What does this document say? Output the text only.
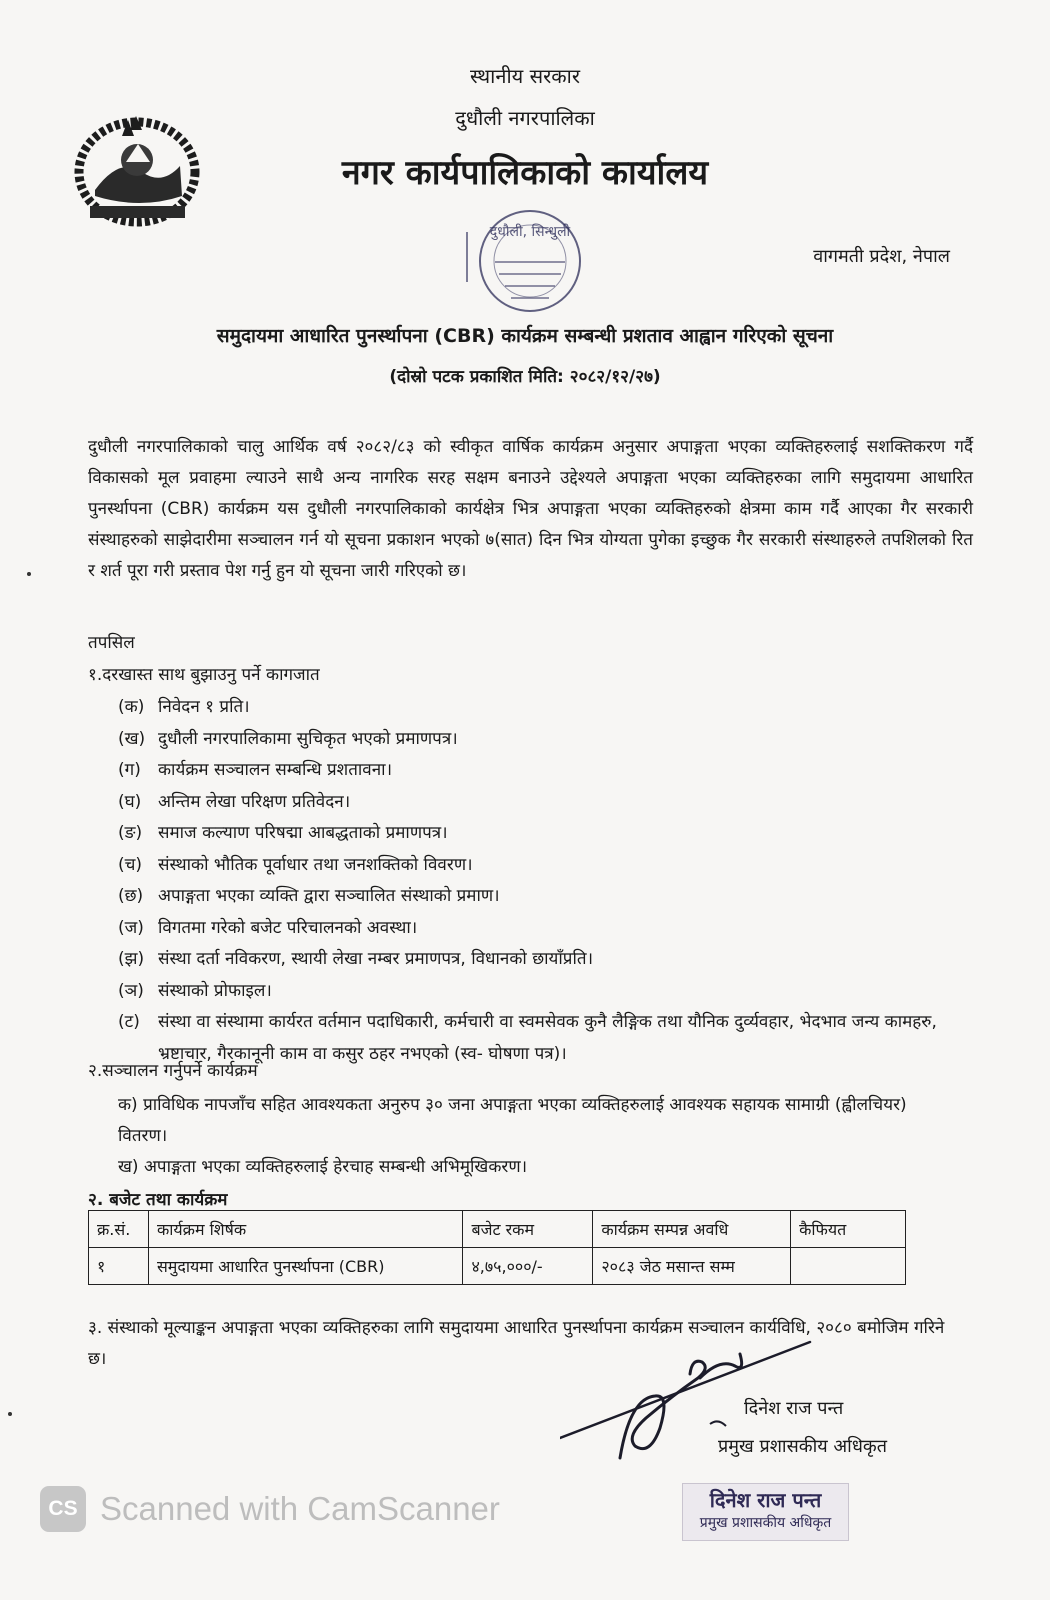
स्थानीय सरकार
दुधौली नगरपालिका
नगर कार्यपालिकाको कार्यालय
दुधौली, सिन्धुली
वागमती प्रदेश, नेपाल
समुदायमा आधारित पुनर्स्थापना (CBR) कार्यक्रम सम्बन्धी प्रशताव आह्वान गरिएको सूचना
(दोस्रो पटक प्रकाशित मिति: २०८२/१२/२७)
दुधौली नगरपालिकाको चालु आर्थिक वर्ष २०८२/८३ को स्वीकृत वार्षिक कार्यक्रम अनुसार अपाङ्गता भएका व्यक्तिहरुलाई सशक्तिकरण गर्दै विकासको मूल प्रवाहमा ल्याउने साथै अन्य नागरिक सरह सक्षम बनाउने उद्देश्यले अपाङ्गता भएका व्यक्तिहरुका लागि समुदायमा आधारित पुनर्स्थापना (CBR) कार्यक्रम यस दुधौली नगरपालिकाको कार्यक्षेत्र भित्र अपाङ्गता भएका व्यक्तिहरुको क्षेत्रमा काम गर्दै आएका गैर सरकारी संस्थाहरुको साझेदारीमा सञ्चालन गर्न यो सूचना प्रकाशन भएको ७(सात) दिन भित्र योग्यता पुगेका इच्छुक गैर सरकारी संस्थाहरुले तपशिलको रित र शर्त पूरा गरी प्रस्ताव पेश गर्नु हुन यो सूचना जारी गरिएको छ।
तपसिल
१.दरखास्त साथ बुझाउनु पर्ने कागजात
(क) निवेदन १ प्रति।
(ख) दुधौली नगरपालिकामा सुचिकृत भएको प्रमाणपत्र।
(ग)	कार्यक्रम सञ्चालन सम्बन्धि प्रशतावना।
(घ) अन्तिम लेखा परिक्षण प्रतिवेदन।
(ङ) समाज कल्याण परिषद्मा आबद्धताको प्रमाणपत्र।
(च) संस्थाको भौतिक पूर्वाधार तथा जनशक्तिको विवरण।
(छ) अपाङ्गता भएका व्यक्ति द्वारा सञ्चालित संस्थाको प्रमाण।
(ज) विगतमा गरेको बजेट परिचालनको अवस्था।
(झ) संस्था दर्ता नविकरण, स्थायी लेखा नम्बर प्रमाणपत्र, विधानको छायाँप्रति।
(ञ) संस्थाको प्रोफाइल।
(ट)	संस्था वा संस्थामा कार्यरत वर्तमान पदाधिकारी, कर्मचारी वा स्वमसेवक कुनै लैङ्गिक तथा यौनिक दुर्व्यवहार, भेदभाव जन्य कामहरु, भ्रष्टाचार, गैरकानूनी काम वा कसुर ठहर नभएको (स्व- घोषणा पत्र)।
२.सञ्चालन गर्नुपर्ने कार्यक्रम
क) प्राविधिक नापजाँच सहित आवश्यकता अनुरुप ३० जना अपाङ्गता भएका व्यक्तिहरुलाई आवश्यक सहायक सामाग्री (ह्वीलचियर) वितरण।
ख) अपाङ्गता भएका व्यक्तिहरुलाई हेरचाह सम्बन्धी अभिमूखिकरण।
२. बजेट तथा कार्यक्रम
क्र.सं.	कार्यक्रम शिर्षक	बजेट रकम	कार्यक्रम सम्पन्न अवधि	कैफियत
१	समुदायमा आधारित पुनर्स्थापना (CBR)	४,७५,०००/-	२०८३ जेठ मसान्त सम्म	
३. संस्थाको मूल्याङ्कन अपाङ्गता भएका व्यक्तिहरुका लागि समुदायमा आधारित पुनर्स्थापना कार्यक्रम सञ्चालन कार्यविधि, २०८० बमोजिम गरिने छ।
दिनेश राज पन्त
प्रमुख प्रशासकीय अधिकृत
दिनेश राज पन्त
प्रमुख प्रशासकीय अधिकृत
CS Scanned with CamScanner
